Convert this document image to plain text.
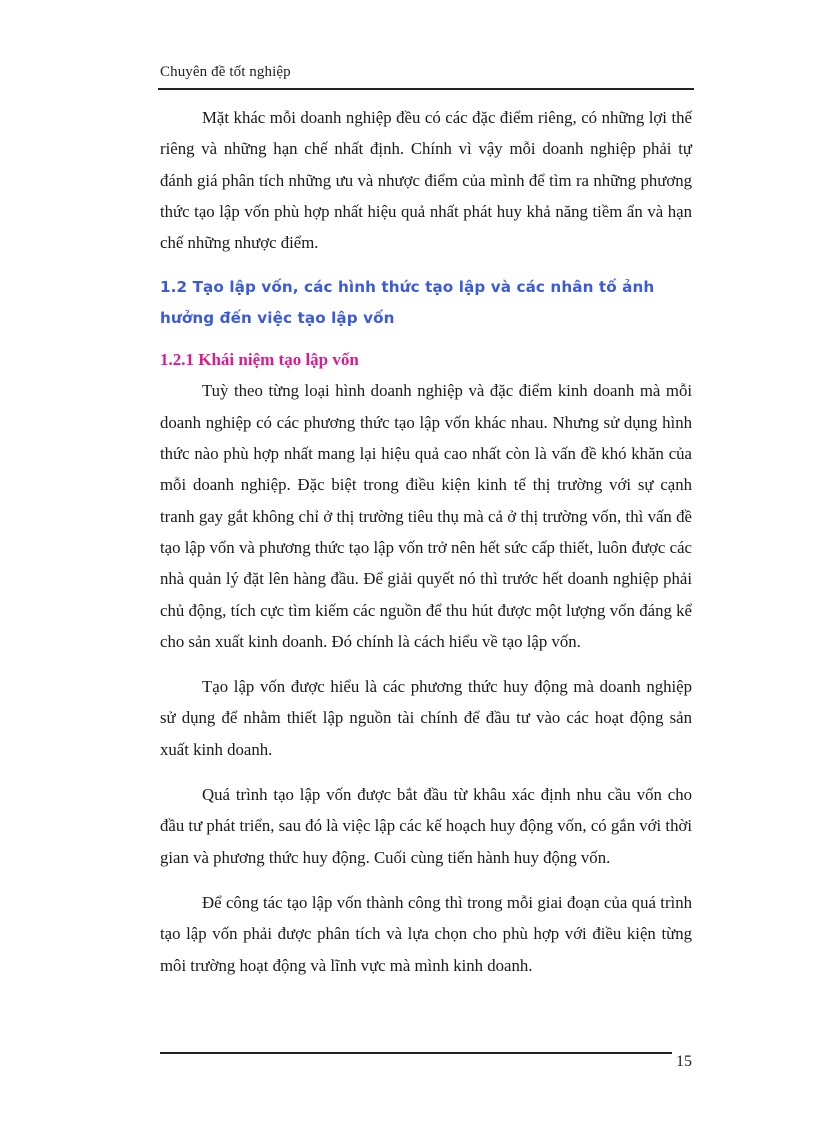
Chuyên đề tốt nghiệp

Mặt khác mỗi doanh nghiệp đều có các đặc điểm riêng, có những lợi thế riêng và những hạn chế nhất định. Chính vì vậy mỗi doanh nghiệp phải tự đánh giá phân tích những ưu và nhược điểm của mình để tìm ra những phương thức tạo lập vốn phù hợp nhất hiệu quả nhất phát huy khả năng tiềm ẩn và hạn chế những nhược điểm.

1.2 Tạo lập vốn, các hình thức tạo lập và các nhân tố ảnh hưởng đến việc tạo lập vốn
1.2.1 Khái niệm tạo lập vốn

Tuỳ theo từng loại hình doanh nghiệp và đặc điểm kinh doanh mà mỗi doanh nghiệp có các phương thức tạo lập vốn khác nhau. Nhưng sử dụng hình thức nào phù hợp nhất mang lại hiệu quả cao nhất còn là vấn đề khó khăn của mỗi doanh nghiệp. Đặc biệt trong điều kiện kinh tế thị trường với sự cạnh tranh gay gắt không chỉ ở thị trường tiêu thụ mà cả ở thị trường vốn, thì vấn đề tạo lập vốn và phương thức tạo lập vốn trở nên hết sức cấp thiết, luôn được các nhà quản lý đặt lên hàng đầu. Để giải quyết nó thì trước hết doanh nghiệp phải chủ động, tích cực tìm kiếm các nguồn để thu hút được một lượng vốn đáng kể cho sản xuất kinh doanh. Đó chính là cách hiểu về tạo lập vốn.

Tạo lập vốn được hiểu là các phương thức huy động mà doanh nghiệp sử dụng để nhằm thiết lập nguồn tài chính để đầu tư vào các hoạt động sản xuất kinh doanh.

Quá trình tạo lập vốn được bắt đầu từ khâu xác định nhu cầu vốn cho đầu tư phát triển, sau đó là việc lập các kế hoạch huy động vốn, có gắn với thời gian và phương thức huy động. Cuối cùng tiến hành huy động vốn.

Để công tác tạo lập vốn thành công thì trong mỗi giai đoạn của quá trình tạo lập vốn phải được phân tích và lựa chọn cho phù hợp với điều kiện từng môi trường hoạt động và lĩnh vực mà mình kinh doanh.

15
